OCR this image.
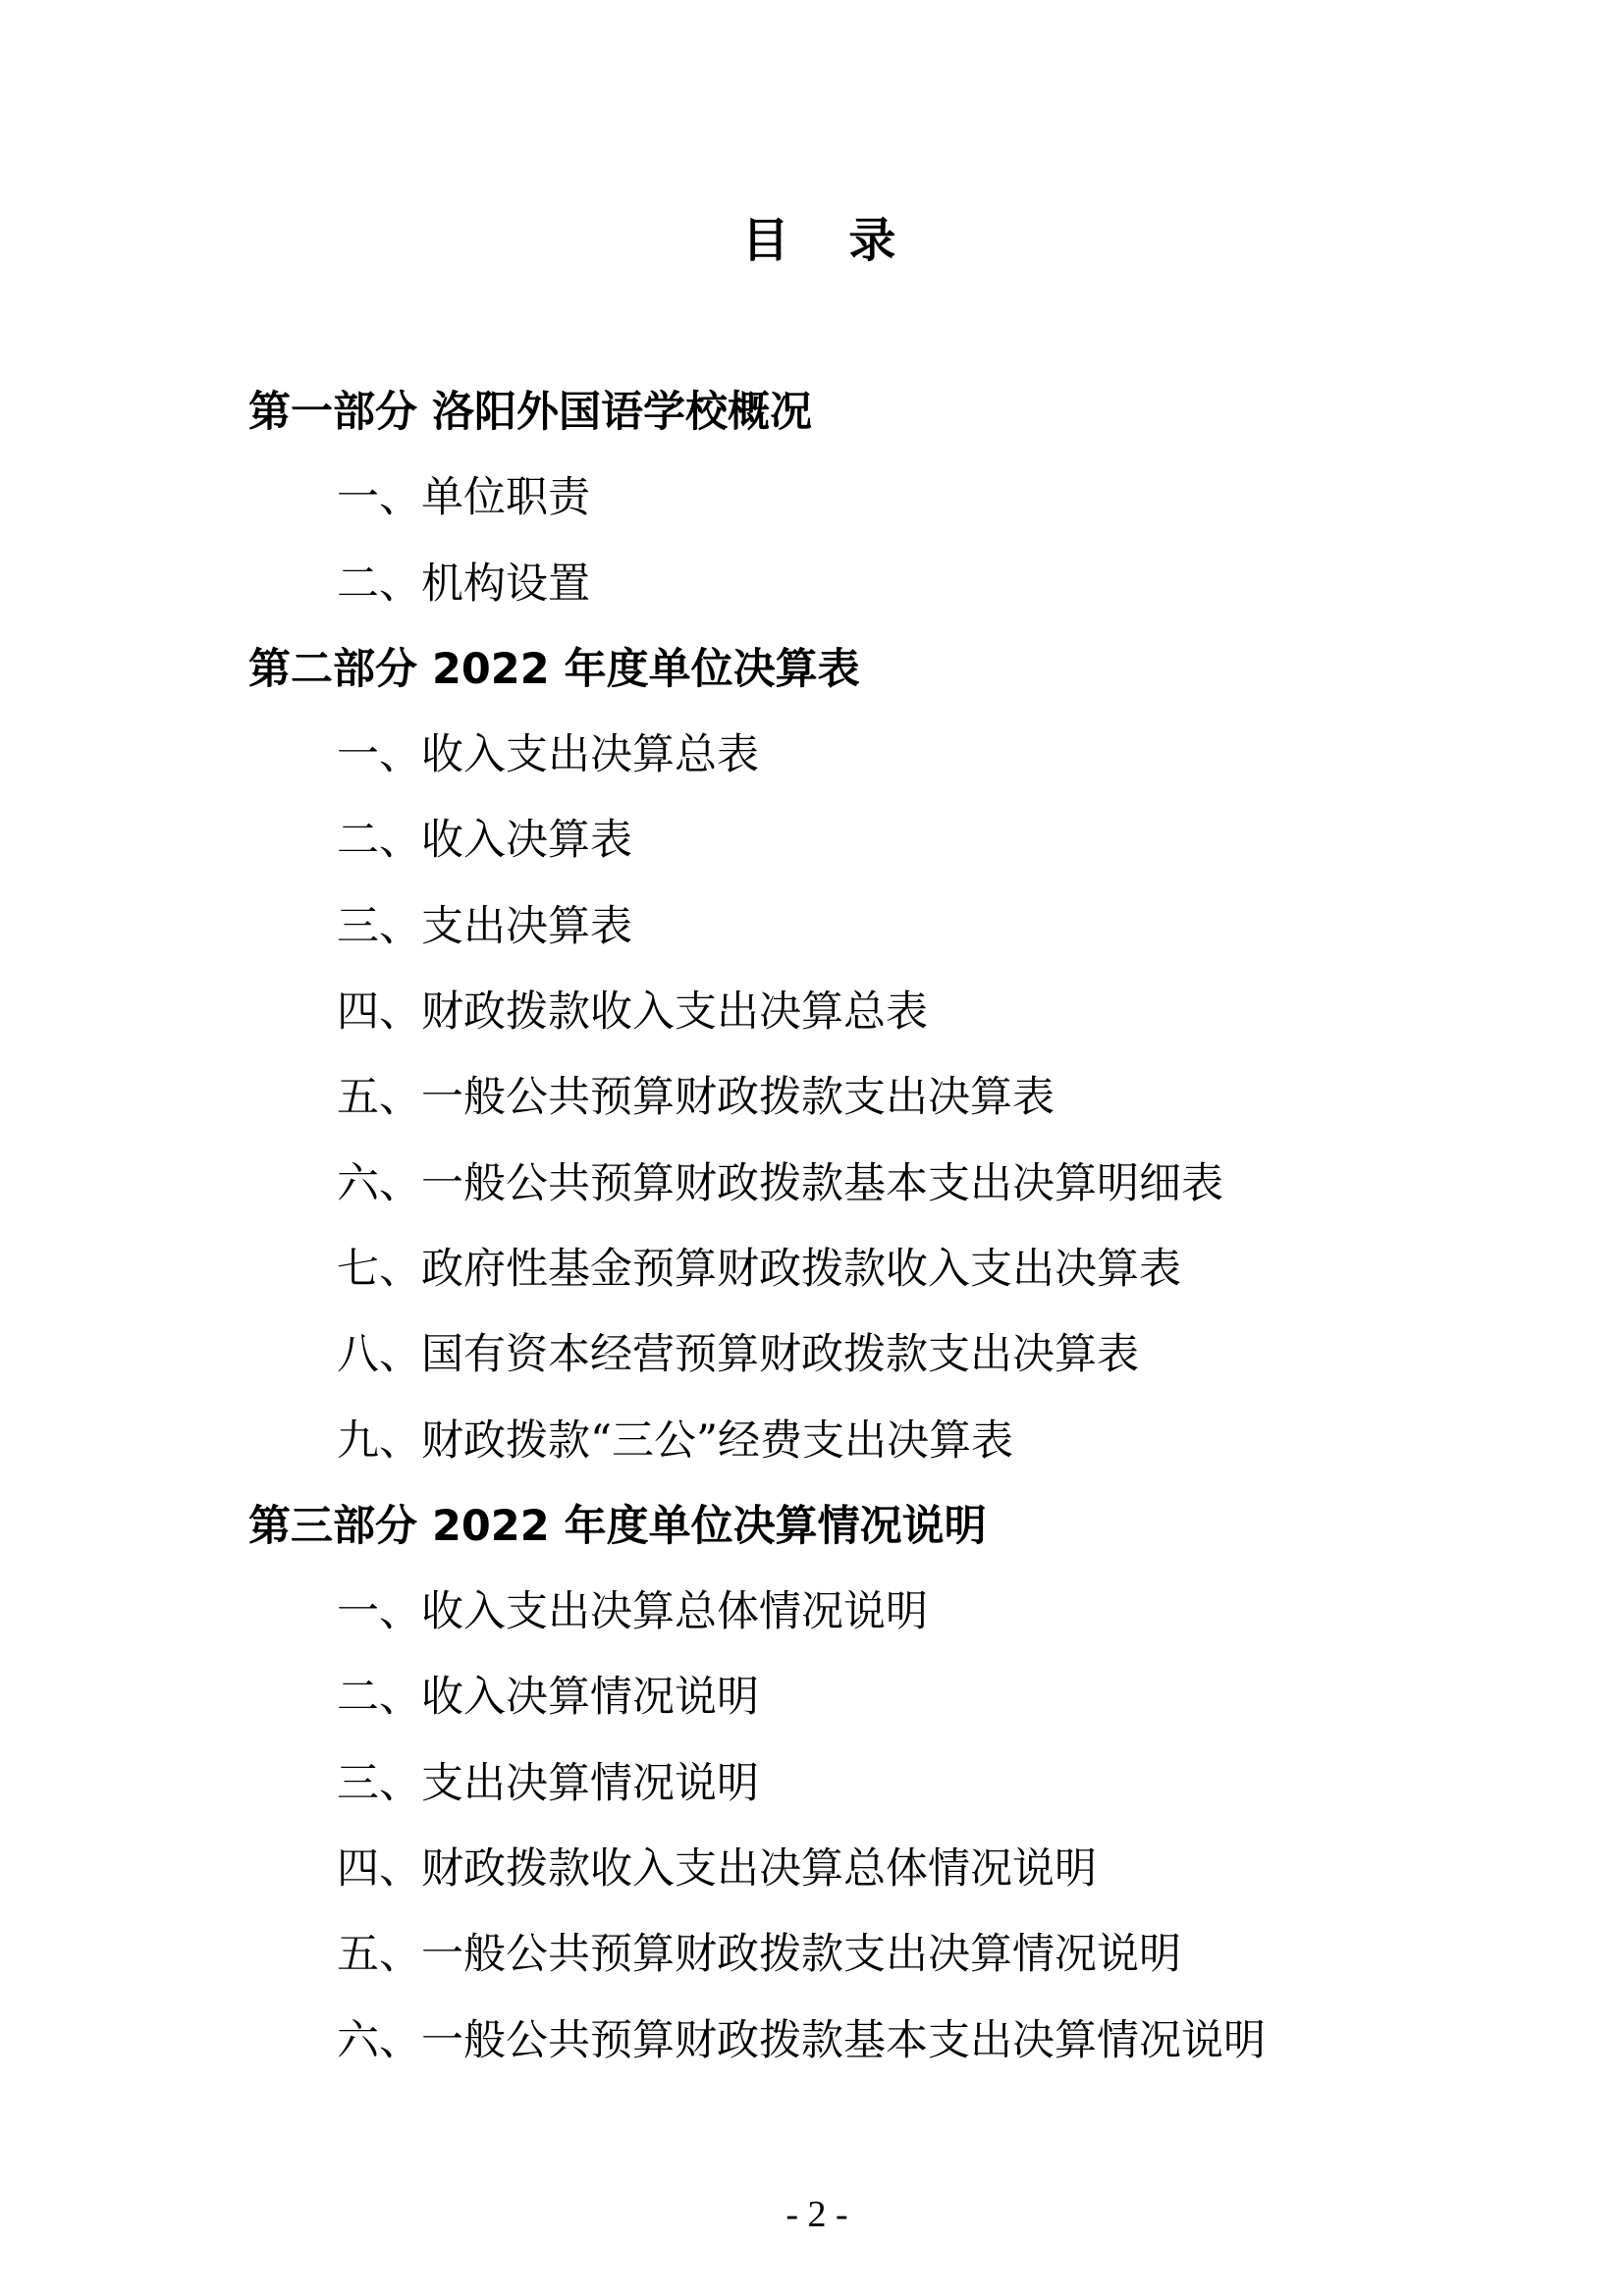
目 录
第一部分 洛阳外国语学校概况
一、单位职责
二、机构设置
第二部分 2022 年度单位决算表
一、收入支出决算总表
二、收入决算表
三、支出决算表
四、财政拨款收入支出决算总表
五、一般公共预算财政拨款支出决算表
六、一般公共预算财政拨款基本支出决算明细表
七、政府性基金预算财政拨款收入支出决算表
八、国有资本经营预算财政拨款支出决算表
九、财政拨款“三公”经费支出决算表
第三部分 2022 年度单位决算情况说明
一、收入支出决算总体情况说明
二、收入决算情况说明
三、支出决算情况说明
四、财政拨款收入支出决算总体情况说明
五、一般公共预算财政拨款支出决算情况说明
六、一般公共预算财政拨款基本支出决算情况说明
- 2 -
